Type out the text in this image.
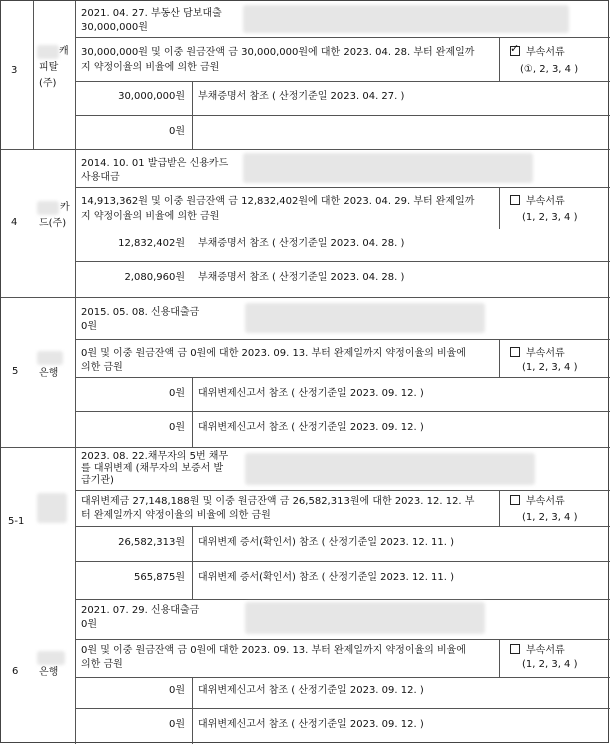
3
캐
피탈
(주)
2021. 04. 27. 부동산 담보대출
30,000,000원
30,000,000원 및 이중 원금잔액 금 30,000,000원에 대한 2023. 04. 28. 부터 완제일까
지 약정이율의 비율에 의한 금원
✓부속서류
(①, 2, 3, 4 )
30,000,000원 부채증명서 참조 ( 산정기준일 2023. 04. 27. )
0원
4
카
드(주)
2014. 10. 01 발급받은 신용카드
사용대금
14,913,362원 및 이중 원금잔액 금 12,832,402원에 대한 2023. 04. 29. 부터 완제일까
지 약정이율의 비율에 의한 금원
부속서류
(1, 2, 3, 4 )
12,832,402원 부채증명서 참조 ( 산정기준일 2023. 04. 28. )
2,080,960원 부채증명서 참조 ( 산정기준일 2023. 04. 28. )
5 은행
2015. 05. 08. 신용대출금
0원
0원 및 이중 원금잔액 금 0원에 대한 2023. 09. 13. 부터 완제일까지 약정이율의 비율에
의한 금원
부속서류
(1, 2, 3, 4 )
0원 대위변제신고서 참조 ( 산정기준일 2023. 09. 12. )
0원 대위변제신고서 참조 ( 산정기준일 2023. 09. 12. )
5-1
2023. 08. 22.채무자의 5번 채무
를 대위변제 (채무자의 보증서 발
급기관)
대위변제금 27,148,188원 및 이중 원금잔액 금 26,582,313원에 대한 2023. 12. 12. 부
터 완제일까지 약정이율의 비율에 의한 금원
부속서류
(1, 2, 3, 4 )
26,582,313원 대위변제 증서(확인서) 참조 ( 산정기준일 2023. 12. 11. )
565,875원 대위변제 증서(확인서) 참조 ( 산정기준일 2023. 12. 11. )
6 은행
2021. 07. 29. 신용대출금
0원
0원 및 이중 원금잔액 금 0원에 대한 2023. 09. 13. 부터 완제일까지 약정이율의 비율에
의한 금원
부속서류
(1, 2, 3, 4 )
0원 대위변제신고서 참조 ( 산정기준일 2023. 09. 12. )
0원 대위변제신고서 참조 ( 산정기준일 2023. 09. 12. )
